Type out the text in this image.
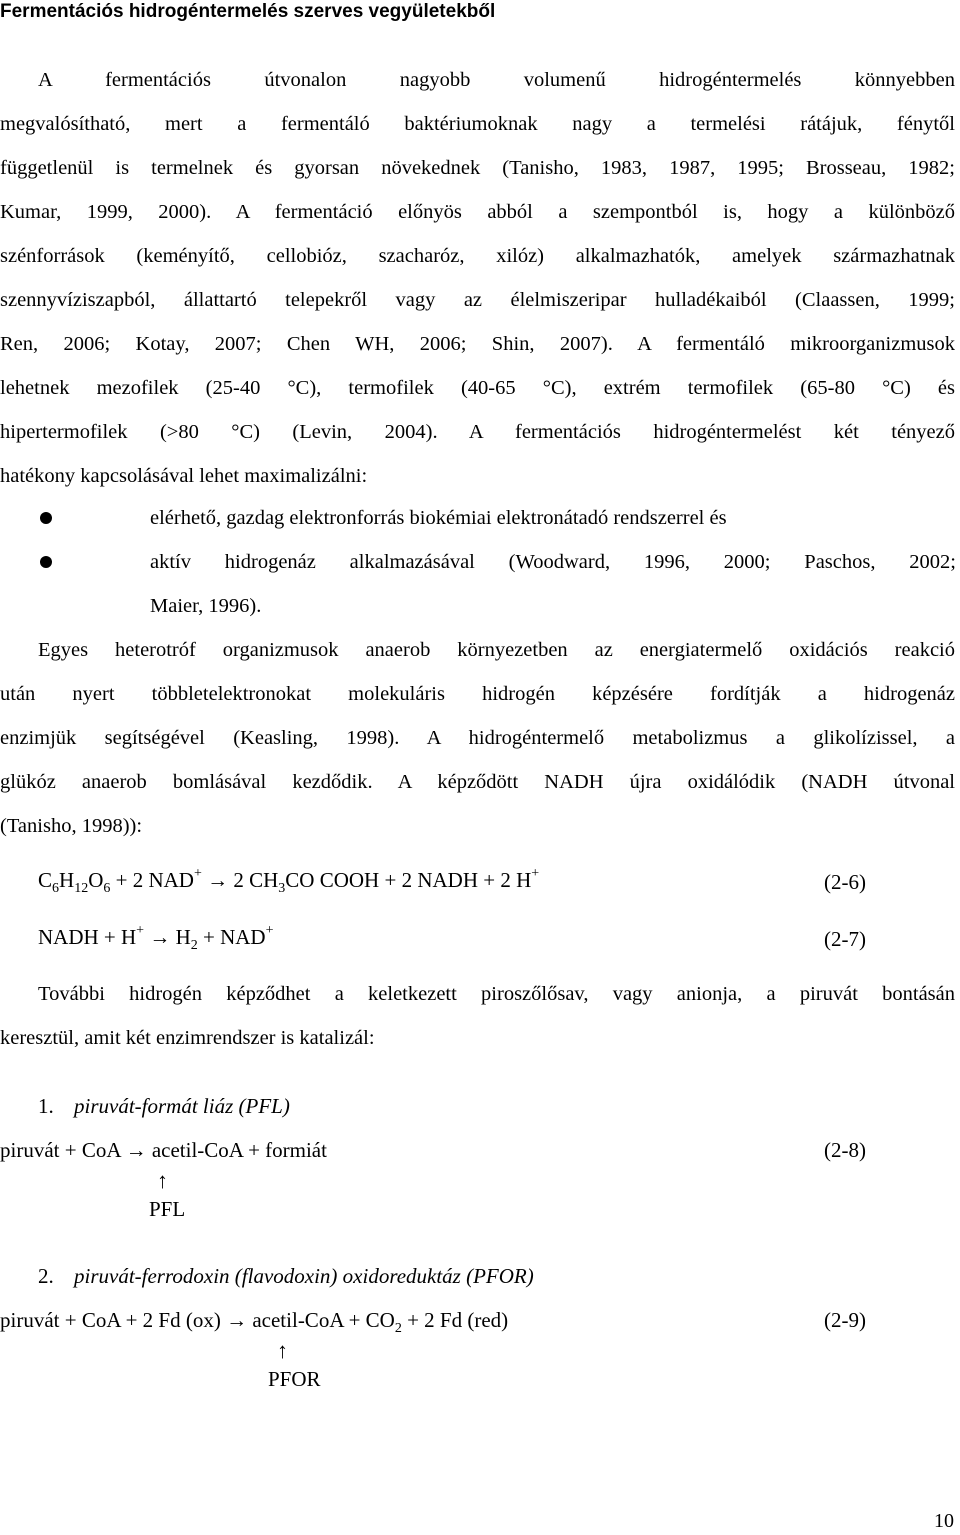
Fermentációs hidrogéntermelés szerves vegyületekből
A fermentációs útvonalon nagyobb volumenű hidrogéntermelés könnyebben
megvalósítható, mert a fermentáló baktériumoknak nagy a termelési rátájuk, fénytől
függetlenül is termelnek és gyorsan növekednek (Tanisho, 1983, 1987, 1995; Brosseau, 1982;
Kumar, 1999, 2000). A fermentáció előnyös abból a szempontból is, hogy a különböző
szénforrások (keményítő, cellobióz, szacharóz, xilóz) alkalmazhatók, amelyek származhatnak
szennyvíziszapból, állattartó telepekről vagy az élelmiszeripar hulladékaiból (Claassen, 1999;
Ren, 2006; Kotay, 2007; Chen WH, 2006; Shin, 2007). A fermentáló mikroorganizmusok
lehetnek mezofilek (25-40 °C), termofilek (40-65 °C), extrém termofilek (65-80 °C) és
hipertermofilek (>80 °C) (Levin, 2004). A fermentációs hidrogéntermelést két tényező
hatékony kapcsolásával lehet maximalizálni:
elérhető, gazdag elektronforrás biokémiai elektronátadó rendszerrel és
aktív hidrogenáz alkalmazásával (Woodward, 1996, 2000; Paschos, 2002;
Maier, 1996).
Egyes heterotróf organizmusok anaerob környezetben az energiatermelő oxidációs reakció
után nyert többletelektronokat molekuláris hidrogén képzésére fordítják a hidrogenáz
enzimjük segítségével (Keasling, 1998). A hidrogéntermelő metabolizmus a glikolízissel, a
glükóz anaerob bomlásával kezdődik. A képződött NADH újra oxidálódik (NADH útvonal
(Tanisho, 1998)):
$C_6H_{12}O_6 + 2$ NAD+ → 2 $CH_3CO$ COOH + 2 NADH + 2 H+	(2-6)
NADH + $H^+ \to H_2 + NAD^+$	(2-7)
További hidrogén képződhet a keletkezett piroszőlősav, vagy anionja, a piruvát bontásán
keresztül, amit két enzimrendszer is katalizál:
1. piruvát-formát liáz (PFL)
piruvát + CoA → acetil-CoA + formiát	(2-8)
↑
PFL
2. piruvát-ferrodoxin (flavodoxin) oxidoreduktáz (PFOR)
piruvát + CoA + 2 Fd (ox) → acetil-CoA + $CO_2 + 2$ Fd (red)	(2-9)
↑
PFOR
10
